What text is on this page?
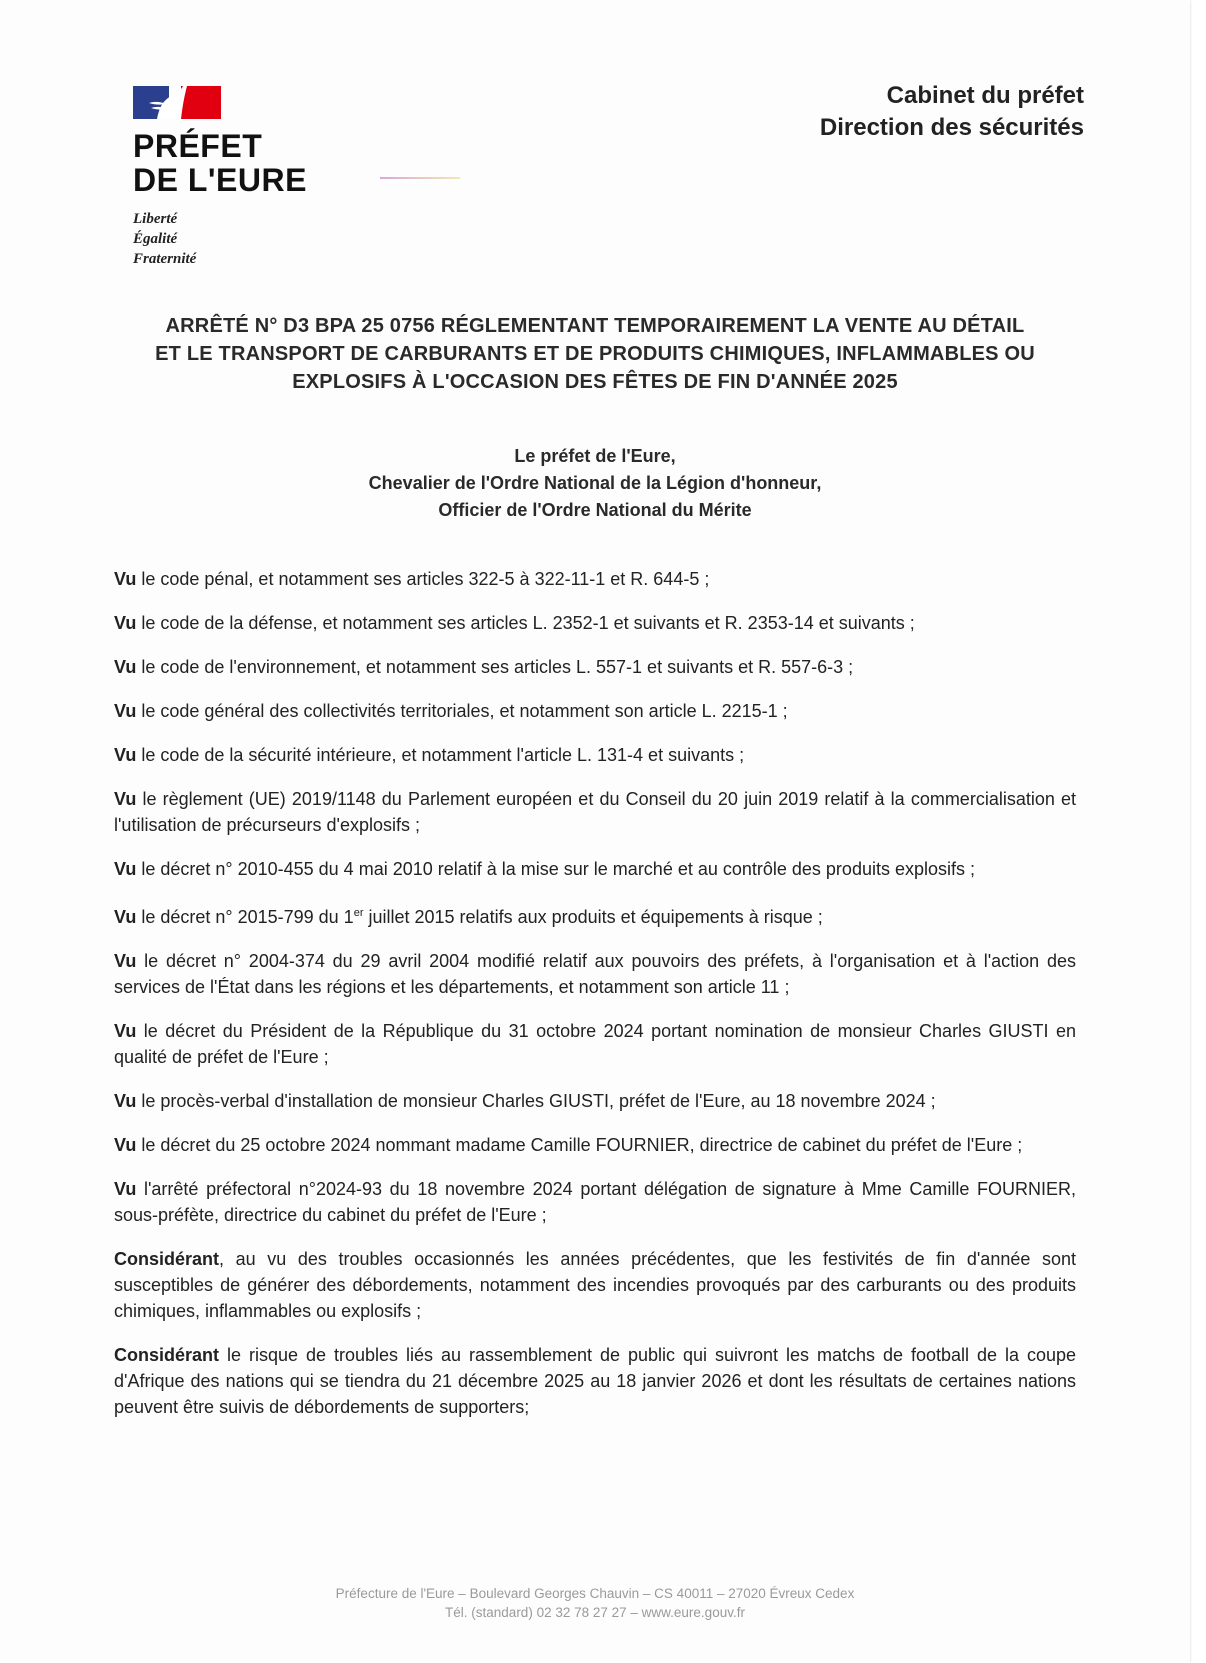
PRÉFET
DE L'EURE
Liberté
Égalité
Fraternité
Cabinet du préfet
Direction des sécurités
ARRÊTÉ N° D3 BPA 25 0756 RÉGLEMENTANT TEMPORAIREMENT LA VENTE AU DÉTAIL
ET LE TRANSPORT DE CARBURANTS ET DE PRODUITS CHIMIQUES, INFLAMMABLES OU
EXPLOSIFS À L'OCCASION DES FÊTES DE FIN D'ANNÉE 2025
Le préfet de l'Eure,
Chevalier de l'Ordre National de la Légion d'honneur,
Officier de l'Ordre National du Mérite

Vu le code pénal, et notamment ses articles 322-5 à 322-11-1 et R. 644-5 ;

Vu le code de la défense, et notamment ses articles L. 2352-1 et suivants et R. 2353-14 et suivants ;

Vu le code de l'environnement, et notamment ses articles L. 557-1 et suivants et R. 557-6-3 ;

Vu le code général des collectivités territoriales, et notamment son article L. 2215-1 ;

Vu le code de la sécurité intérieure, et notamment l'article L. 131-4 et suivants ;

Vu le règlement (UE) 2019/1148 du Parlement européen et du Conseil du 20 juin 2019 relatif à la commercialisation et l'utilisation de précurseurs d'explosifs ;

Vu le décret n° 2010-455 du 4 mai 2010 relatif à la mise sur le marché et au contrôle des produits explosifs ;

Vu le décret n° 2015-799 du 1er juillet 2015 relatifs aux produits et équipements à risque ;

Vu le décret n° 2004-374 du 29 avril 2004 modifié relatif aux pouvoirs des préfets, à l'organisation et à l'action des services de l'État dans les régions et les départements, et notamment son article 11 ;

Vu le décret du Président de la République du 31 octobre 2024 portant nomination de monsieur Charles GIUSTI en qualité de préfet de l'Eure ;

Vu le procès-verbal d'installation de monsieur Charles GIUSTI, préfet de l'Eure, au 18 novembre 2024 ;

Vu le décret du 25 octobre 2024 nommant madame Camille FOURNIER, directrice de cabinet du préfet de l'Eure ;

Vu l'arrêté préfectoral n°2024-93 du 18 novembre 2024 portant délégation de signature à Mme Camille FOURNIER, sous-préfète, directrice du cabinet du préfet de l'Eure ;

Considérant, au vu des troubles occasionnés les années précédentes, que les festivités de fin d'année sont susceptibles de générer des débordements, notamment des incendies provoqués par des carburants ou des produits chimiques, inflammables ou explosifs ;

Considérant le risque de troubles liés au rassemblement de public qui suivront les matchs de football de la coupe d'Afrique des nations qui se tiendra du 21 décembre 2025 au 18 janvier 2026 et dont les résultats de certaines nations peuvent être suivis de débordements de supporters;

Préfecture de l'Eure – Boulevard Georges Chauvin – CS 40011 – 27020 Évreux Cedex
Tél. (standard) 02 32 78 27 27 – www.eure.gouv.fr
